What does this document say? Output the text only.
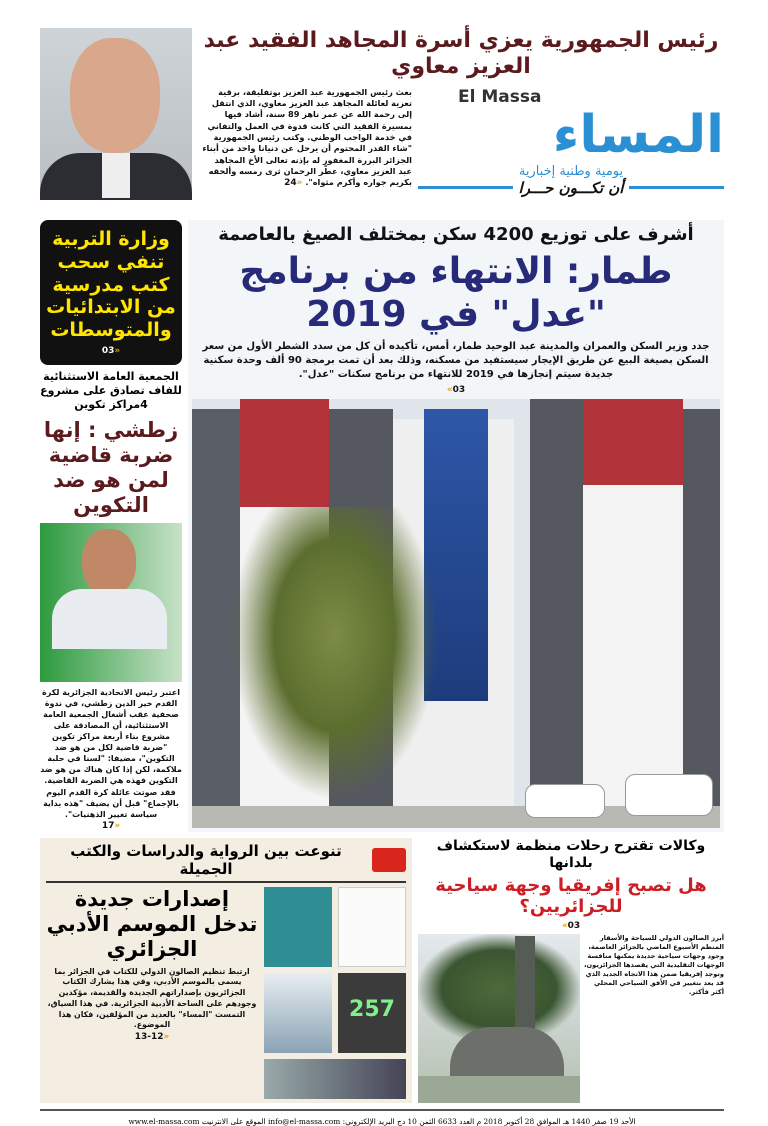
رئيس الجمهورية يعزي أسرة المجاهد الفقيد عبد العزيز معاوي
بعث رئيس الجمهورية عبد العزيز بوتفليقة، برقية تعزية لعائلة المجاهد عبد العزيز معاوي، الذي انتقل إلى رحمة الله عن عمر ناهز 89 سنة، أشاد فيها بمسيرة الفقيد التي كانت قدوة في العمل والتفاني في خدمة الواجب الوطني. وكتب رئيس الجمهورية "شاء القدر المحتوم أن يرحل عن دنيانا واحد من أبناء الجزائر البررة المغفور له بإذنه تعالى الأخ المجاهد عبد العزيز معاوي، عطّر الرحمان ثرى رمسه وألحقه بكريم جواره وأكرم مثواه". «24
El Massa
المساء
يومية وطنية إخبارية
أن تكـــون حـــرا
وزارة التربية تنفي سحب كتب مدرسية من الابتدائيات والمتوسطات
«03
الجمعية العامة الاستثنائية للفاف تصادق على مشروع 4مراكز تكوين
زطشي : إنها ضربة قاضية لمن هو ضد التكوين
اعتبر رئيس الاتحادية الجزائرية لكرة القدم خير الدين زطشي، في ندوة صحفية عقب أشغال الجمعية العامة الاستثنائية، أن المصادقة على مشروع بناء أربعة مراكز تكوين "ضربة قاضية لكل من هو ضد التكوين"، مضيفا: "لسنا في حلبة ملاكمة، لكن إذا كان هناك من هو ضد التكوين فهذه هي الضربة القاضية. فقد صوتت عائلة كرة القدم اليوم بالإجماع" قبل أن يضيف "هذه بداية سياسة تغيير الذهنيات".
«17
أشرف على توزيع 4200 سكن بمختلف الصيغ بالعاصمة
طمار: الانتهاء من برنامج "عدل" في 2019
جدد وزير السكن والعمران والمدينة عبد الوحيد طمار، أمس، تأكيده أن كل من سدد الشطر الأول من سعر السكن بصيغة البيع عن طريق الإيجار سيستفيد من مسكنه، وذلك بعد أن تمت برمجة 90 ألف وحدة سكنية جديدة سيتم إنجازها في 2019 للانتهاء من برنامج سكنات "عدل".
«03
تنوعت بين الرواية والدراسات والكتب الجميلة
إصدارات جديدة تدخل الموسم الأدبي الجزائري
ارتبط تنظيم الصالون الدولي للكتاب في الجزائر بما يسمى بالموسم الأدبي، وفي هذا يشارك الكتاب الجزائريون بإصداراتهم الجديدة والقديمة، مؤكدين وجودهم على الساحة الأدبية الجزائرية. في هذا السياق، التمست "المساء" بالعديد من المؤلفين، فكان هذا الموضوع.
«13-12
257
وكالات تقترح رحلات منظمة لاستكشاف بلدانها
هل تصبح إفريقيا وجهة سياحية للجزائريين؟
«03
أبرز الصالون الدولي للسياحة والأسفار المنظم الأسبوع الماضي بالجزائر العاصمة، وجود وجهات سياحية جديدة يمكنها منافسة الوجهات التقليدية التي يقصدها الجزائريون، وتوجد إفريقيا ضمن هذا الاتجاه الجديد الذي قد يعد بتغيير في الأفق السياحي المحلي أكثر فأكثر.
الأحد 19 صفر 1440 هـ الموافق 28 أكتوبر 2018 م العدد 6633 الثمن 10 دج البريد الإلكتروني: info@el-massa.com الموقع على الانترنيت www.el-massa.com
